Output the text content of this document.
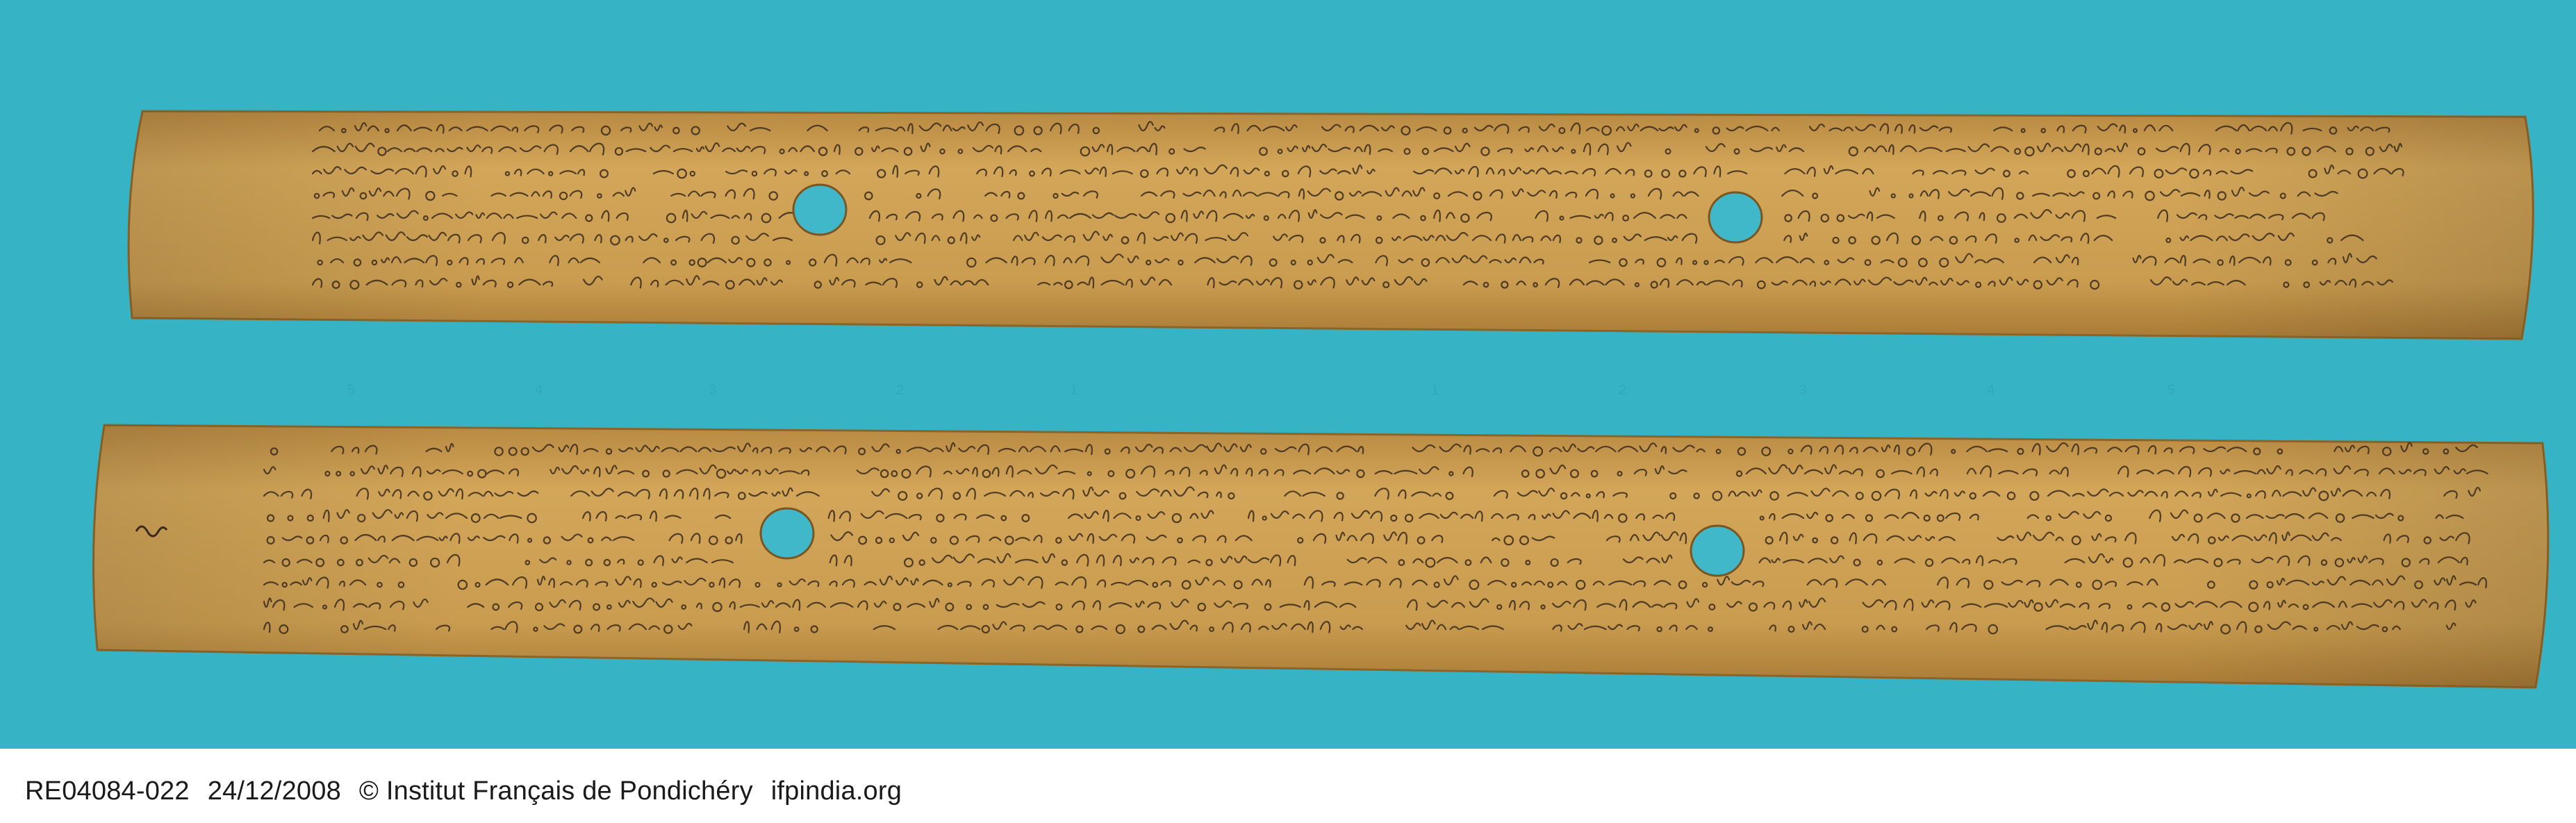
5	4	3	2	1	1	2	3	4	5
RE04084-022 24/12/2008 © Institut Français de Pondichéry ifpindia.org
